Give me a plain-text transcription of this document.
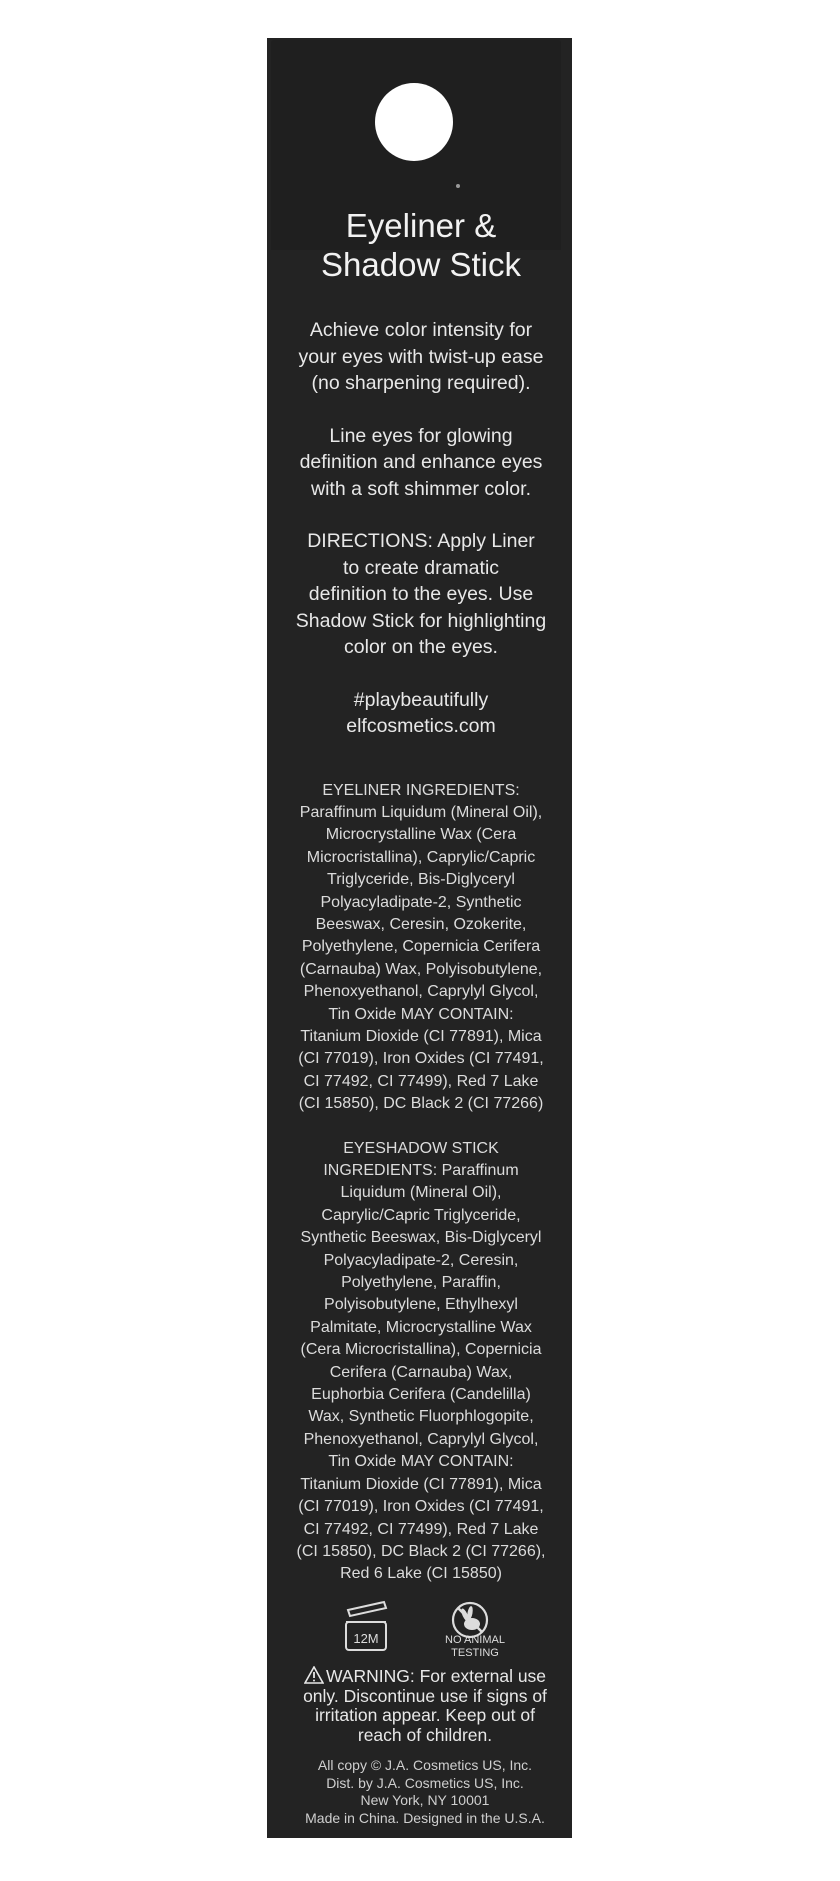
Eyeliner &
Shadow Stick

Achieve color intensity for
your eyes with twist-up ease
(no sharpening required).

Line eyes for glowing
definition and enhance eyes
with a soft shimmer color.

DIRECTIONS: Apply Liner
to create dramatic
definition to the eyes. Use
Shadow Stick for highlighting
color on the eyes.

#playbeautifully
elfcosmetics.com

EYELINER INGREDIENTS:
Paraffinum Liquidum (Mineral Oil),
Microcrystalline Wax (Cera
Microcristallina), Caprylic/Capric
Triglyceride, Bis-Diglyceryl
Polyacyladipate-2, Synthetic
Beeswax, Ceresin, Ozokerite,
Polyethylene, Copernicia Cerifera
(Carnauba) Wax, Polyisobutylene,
Phenoxyethanol, Caprylyl Glycol,
Tin Oxide MAY CONTAIN:
Titanium Dioxide (CI 77891), Mica
(CI 77019), Iron Oxides (CI 77491,
CI 77492, CI 77499), Red 7 Lake
(CI 15850), DC Black 2 (CI 77266)

EYESHADOW STICK
INGREDIENTS: Paraffinum
Liquidum (Mineral Oil),
Caprylic/Capric Triglyceride,
Synthetic Beeswax, Bis-Diglyceryl
Polyacyladipate-2, Ceresin,
Polyethylene, Paraffin,
Polyisobutylene, Ethylhexyl
Palmitate, Microcrystalline Wax
(Cera Microcristallina), Copernicia
Cerifera (Carnauba) Wax,
Euphorbia Cerifera (Candelilla)
Wax, Synthetic Fluorphlogopite,
Phenoxyethanol, Caprylyl Glycol,
Tin Oxide MAY CONTAIN:
Titanium Dioxide (CI 77891), Mica
(CI 77019), Iron Oxides (CI 77491,
CI 77492, CI 77499), Red 7 Lake
(CI 15850), DC Black 2 (CI 77266),
Red 6 Lake (CI 15850)

12M	NO ANIMAL
TESTING
WARNING: For external use
only. Discontinue use if signs of
irritation appear. Keep out of
reach of children.
All copy © J.A. Cosmetics US, Inc.
Dist. by J.A. Cosmetics US, Inc.
New York, NY 10001
Made in China. Designed in the U.S.A.
